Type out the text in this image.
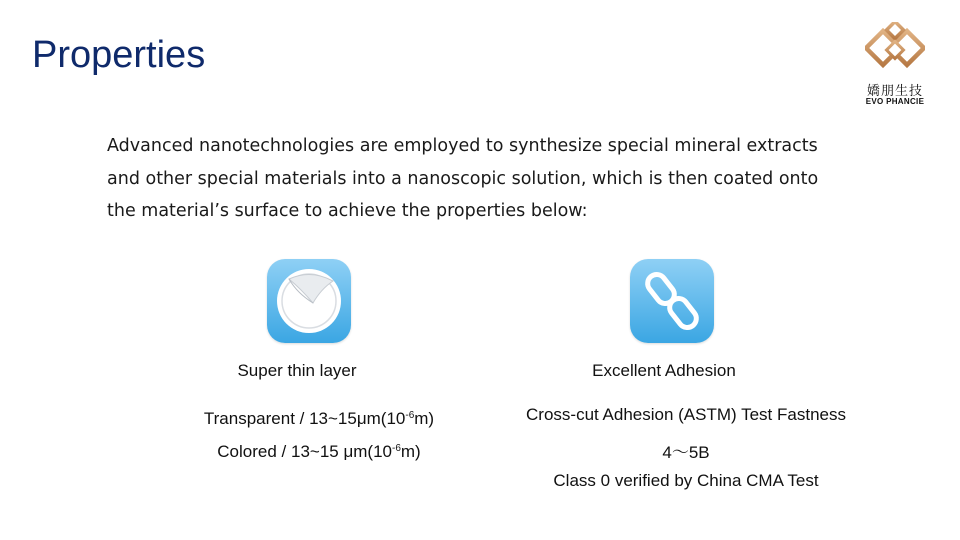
Properties
嬌朋生技
EVO PHANCIE
Advanced nanotechnologies are employed to synthesize special mineral extracts
and other special materials into a nanoscopic solution, which is then coated onto
the material’s surface to achieve the properties below:
Super thin layer
Transparent / $13\sim 15\mu m(10^{-6}m)$
Colored / 13~15 $\mu m(10^{-6}m)$
Excellent Adhesion
Cross-cut Adhesion (ASTM) Test Fastness
4～5B
Class 0 verified by China CMA Test
